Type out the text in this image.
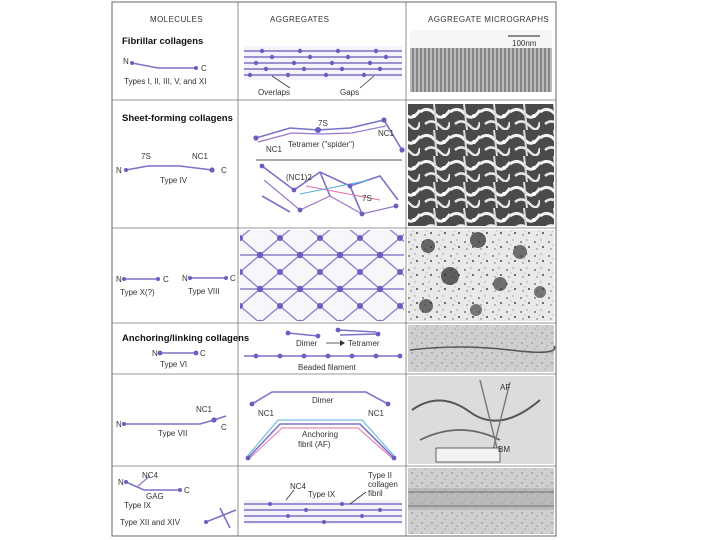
MOLECULES	AGGREGATES	AGGREGATE MICROGRAPHS
Fibrillar collagens
N
C
Types I, II, III, V, and XI
Overlaps	Gaps
100nm
Sheet-forming collagens
N	C
7S	NC1
Type IV
7S
NC1
NC1
Tetramer ("spider")
(NC1)2
7S
N	C N	C
Type X(?)	Type VIII
Anchoring/linking collagens
N	C
Type VI
Dimer	Tetramer
Beaded filament
N
NC1
C
Type VII
Dimer
NC1	NC1
Anchoring
fibril (AF)
AF
BM
NC4
GAG
N
C
Type IX
Type XII and XIV
NC4
Type IX
Type II
collagen
fibril
